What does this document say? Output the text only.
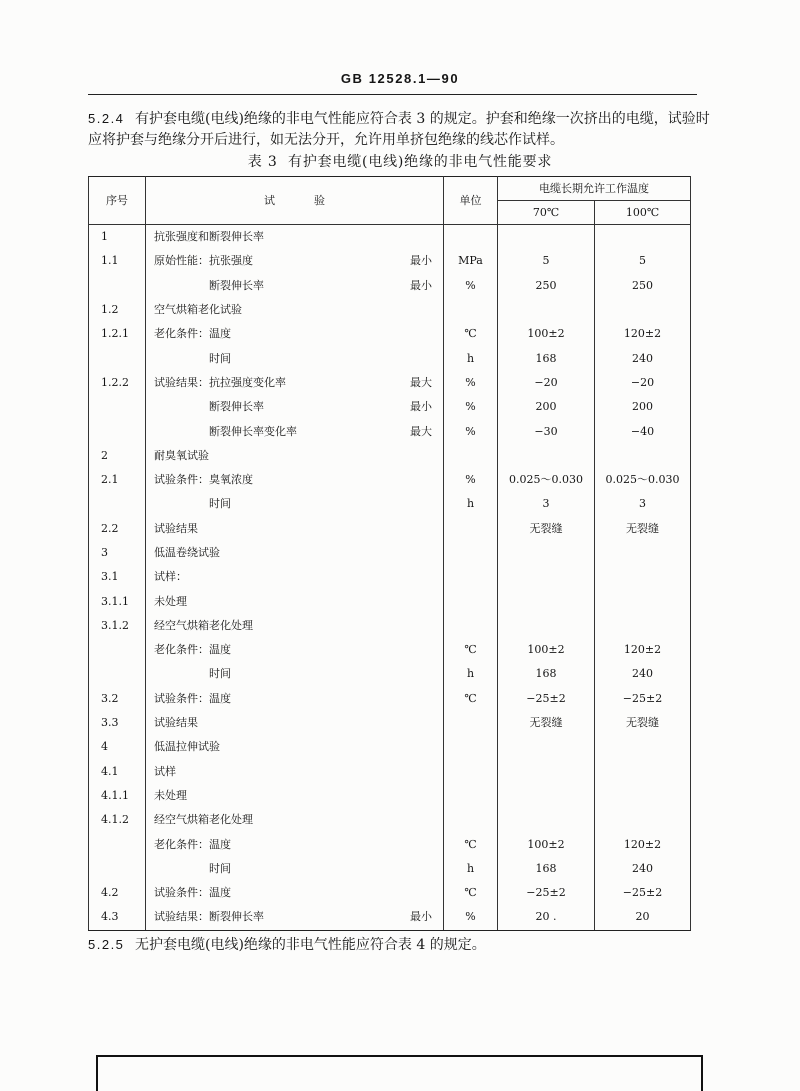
GB 12528.1—90
5.2.4 有护套电缆(电线)绝缘的非电气性能应符合表 3 的规定。护套和绝缘一次挤出的电缆，试验时
应将护套与绝缘分开后进行，如无法分开，允许用单挤包绝缘的线芯作试样。
表 3  有护套电缆(电线)绝缘的非电气性能要求
序号	试验	单位	电缆长期允许工作温度	
			70℃	100℃
1	抗张强度和断裂伸长率			

1.1	原始性能：抗张强度 最小	MPa	5	5

	断裂伸长率 最小	%	250	250
1.2	空气烘箱老化试验			

1.2.1	老化条件：温度	℃	100±2	120±2

	时间	h	168	240
1.2.2	试验结果：抗拉强度变化率 最大	%	−20	−20

	断裂伸长率 最小	%	200	200

	断裂伸长率变化率 最大	%	−30	−40
2	耐臭氧试验			

2.1	试验条件：臭氧浓度	%	0.025～0.030	0.025～0.030

	时间	h	3	3
2.2	试验结果		无裂缝	无裂缝
3	低温卷绕试验			

3.1	试样：			

3.1.1	未处理			

3.1.2	经空气烘箱老化处理			

	老化条件：温度	℃	100±2	120±2

	时间	h	168	240
3.2	试验条件：温度	℃	−25±2	−25±2
3.3	试验结果		无裂缝	无裂缝
4	低温拉伸试验			

4.1	试样			

4.1.1	未处理			

4.1.2	经空气烘箱老化处理			

	老化条件：温度	℃	100±2	120±2

	时间	h	168	240
4.2	试验条件：温度	℃	−25±2	−25±2
4.3	试验结果：断裂伸长率 最小	%	20 .	20
5.2.5 无护套电缆(电线)绝缘的非电气性能应符合表 4 的规定。
